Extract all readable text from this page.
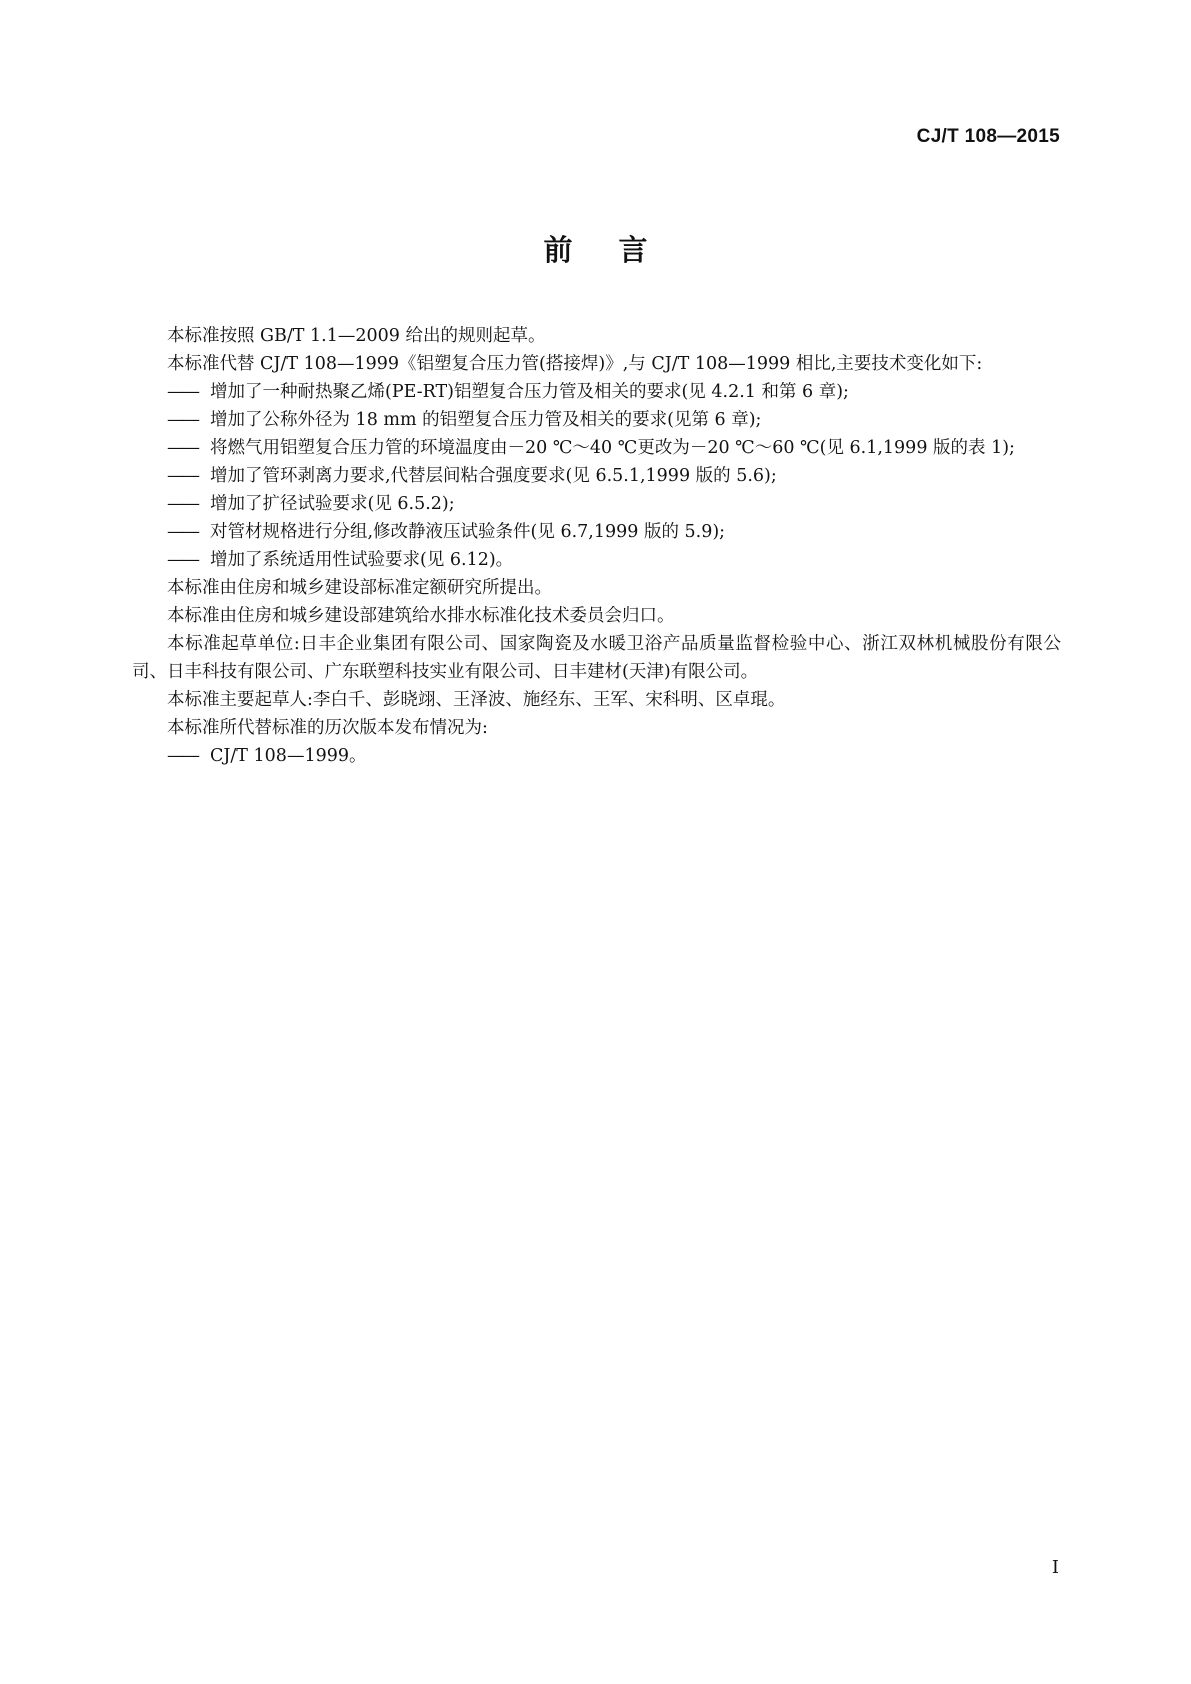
CJ/T 108—2015
前言

本标准按照 GB/T 1.1—2009 给出的规则起草。

本标准代替 CJ/T 108—1999《铝塑复合压力管(搭接焊)》,与 CJ/T 108—1999 相比,主要技术变化如下:

—— 增加了一种耐热聚乙烯(PE-RT)铝塑复合压力管及相关的要求(见 4.2.1 和第 6 章);

—— 增加了公称外径为 18 mm 的铝塑复合压力管及相关的要求(见第 6 章);

—— 将燃气用铝塑复合压力管的环境温度由－20 ℃～40 ℃更改为－20 ℃～60 ℃(见 6.1,1999 版的表 1);

—— 增加了管环剥离力要求,代替层间粘合强度要求(见 6.5.1,1999 版的 5.6);

—— 增加了扩径试验要求(见 6.5.2);

—— 对管材规格进行分组,修改静液压试验条件(见 6.7,1999 版的 5.9);

—— 增加了系统适用性试验要求(见 6.12)。

本标准由住房和城乡建设部标准定额研究所提出。

本标准由住房和城乡建设部建筑给水排水标准化技术委员会归口。

本标准起草单位:日丰企业集团有限公司、国家陶瓷及水暖卫浴产品质量监督检验中心、浙江双林机械股份有限公司、日丰科技有限公司、广东联塑科技实业有限公司、日丰建材(天津)有限公司。

本标准主要起草人:李白千、彭晓翊、王泽波、施经东、王军、宋科明、区卓琨。

本标准所代替标准的历次版本发布情况为:

—— CJ/T 108—1999。

I
